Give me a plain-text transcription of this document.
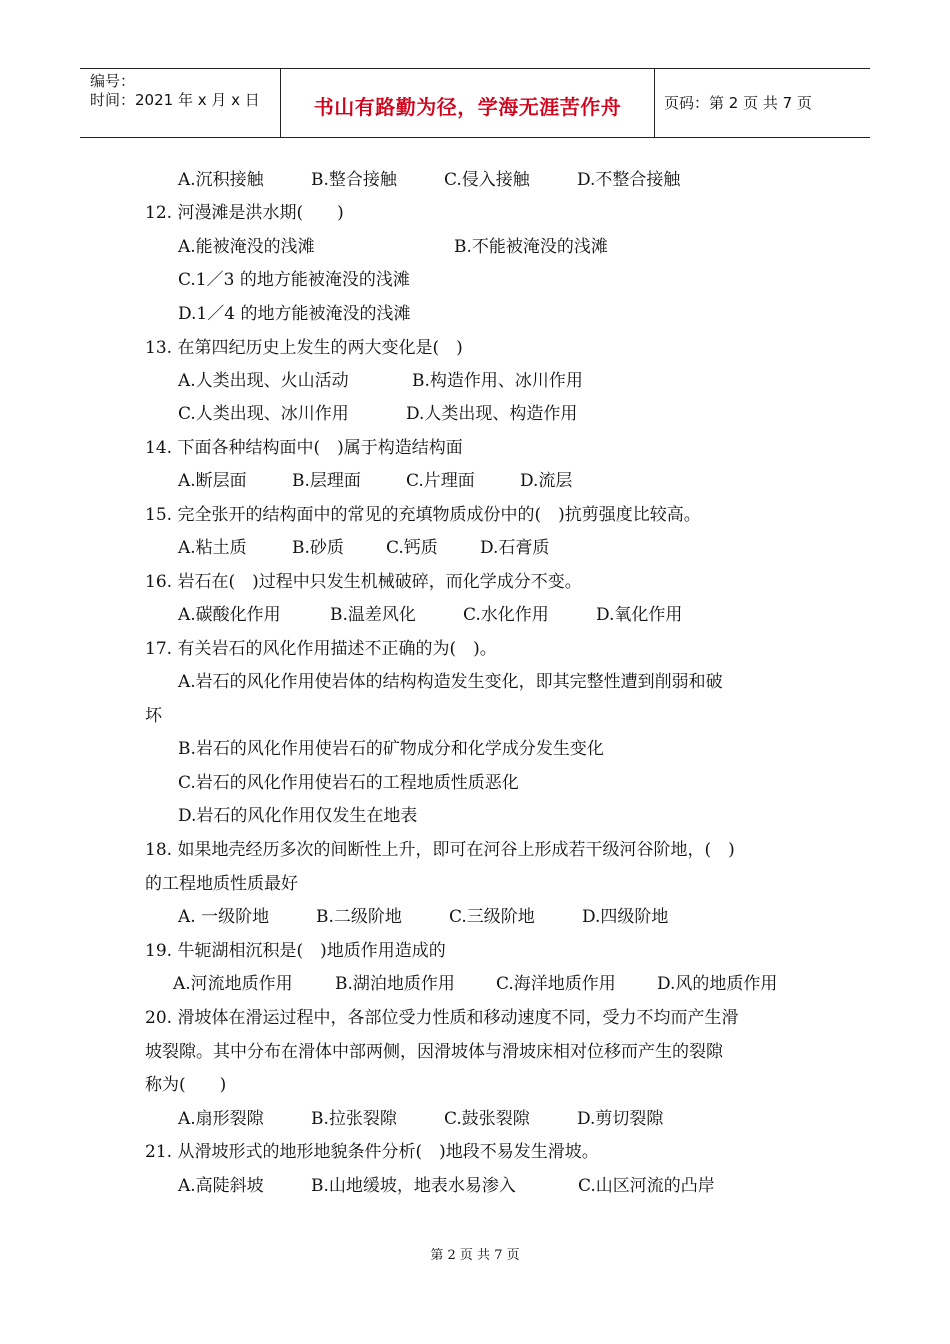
编号：
时间：2021 年 x 月 x 日	书山有路勤为径，学海无涯苦作舟	页码：第 2 页 共 7 页
A.沉积接触	B.整合接触	C.侵入接触	D.不整合接触
12. 河漫滩是洪水期(　　)
A.能被淹没的浅滩	B.不能被淹没的浅滩
C.1／3 的地方能被淹没的浅滩
D.1／4 的地方能被淹没的浅滩
13. 在第四纪历史上发生的两大变化是(　)
A.人类出现、火山活动	B.构造作用、冰川作用
C.人类出现、冰川作用	D.人类出现、构造作用
14. 下面各种结构面中(　)属于构造结构面
A.断层面	B.层理面	C.片理面	D.流层
15. 完全张开的结构面中的常见的充填物质成份中的(　)抗剪强度比较高。
A.粘土质	B.砂质 C.钙质 D.石膏质
16. 岩石在(　)过程中只发生机械破碎，而化学成分不变。
A.碳酸化作用	B.温差风化	C.水化作用	D.氧化作用
17. 有关岩石的风化作用描述不正确的为(　)。
A.岩石的风化作用使岩体的结构构造发生变化，即其完整性遭到削弱和破
坏
B.岩石的风化作用使岩石的矿物成分和化学成分发生变化
C.岩石的风化作用使岩石的工程地质性质恶化
D.岩石的风化作用仅发生在地表
18. 如果地壳经历多次的间断性上升，即可在河谷上形成若干级河谷阶地，(　)
的工程地质性质最好
A. 一级阶地	B.二级阶地	C.三级阶地	D.四级阶地
19. 牛轭湖相沉积是(　)地质作用造成的
A.河流地质作用 B.湖泊地质作用 C.海洋地质作用 D.风的地质作用
20. 滑坡体在滑运过程中，各部位受力性质和移动速度不同，受力不均而产生滑
坡裂隙。其中分布在滑体中部两侧，因滑坡体与滑坡床相对位移而产生的裂隙
称为(　　)
A.扇形裂隙	B.拉张裂隙	C.鼓张裂隙	D.剪切裂隙
21. 从滑坡形式的地形地貌条件分析(　)地段不易发生滑坡。
A.高陡斜坡	B.山地缓坡，地表水易渗入	C.山区河流的凸岸
第 2 页 共 7 页
